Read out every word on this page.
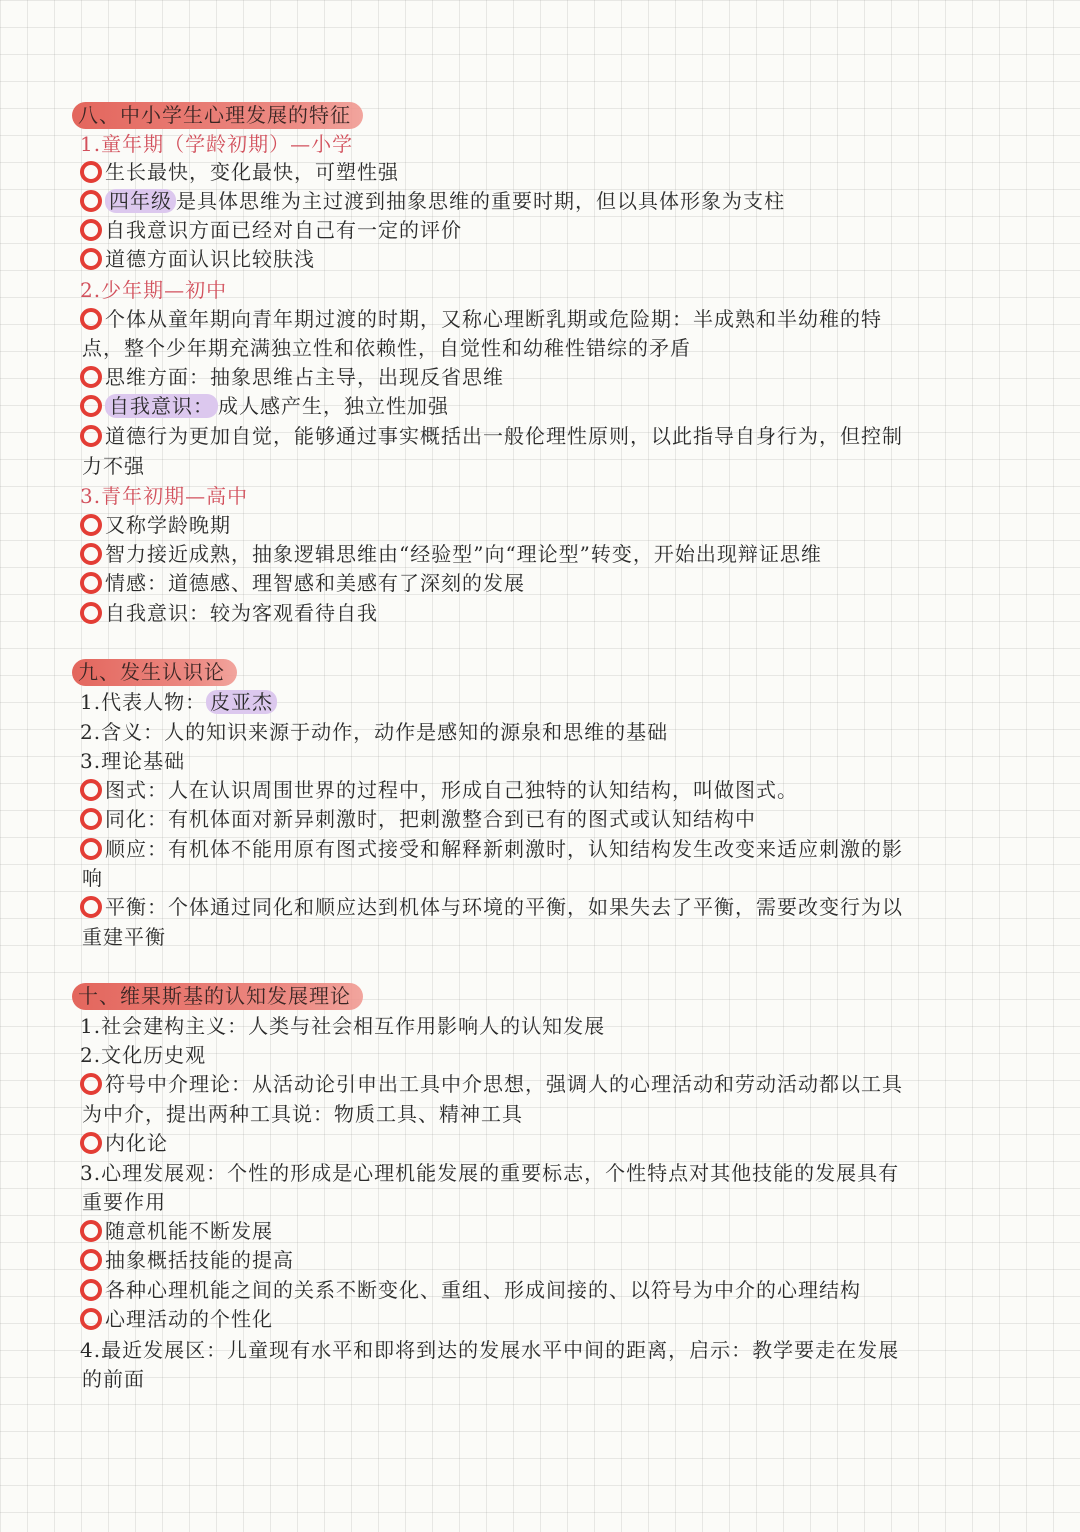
八、中小学生心理发展的特征
1.童年期（学龄初期）—小学
生长最快，变化最快，可塑性强
四年级 是具体思维为主过渡到抽象思维的重要时期，但以具体形象为支柱
自我意识方面已经对自己有一定的评价
道德方面认识比较肤浅
2.少年期—初中
个体从童年期向青年期过渡的时期，又称心理断乳期或危险期：半成熟和半幼稚的特
点，整个少年期充满独立性和依赖性，自觉性和幼稚性错综的矛盾
思维方面：抽象思维占主导，出现反省思维
自我意识： 成人感产生，独立性加强
道德行为更加自觉，能够通过事实概括出一般伦理性原则，以此指导自身行为，但控制
力不强
3.青年初期—高中
又称学龄晚期
智力接近成熟，抽象逻辑思维由“经验型”向“理论型”转变，开始出现辩证思维
情感：道德感、理智感和美感有了深刻的发展
自我意识：较为客观看待自我
九、发生认识论
1.代表人物： 皮亚杰
2.含义：人的知识来源于动作，动作是感知的源泉和思维的基础
3.理论基础
图式：人在认识周围世界的过程中，形成自己独特的认知结构，叫做图式。
同化：有机体面对新异刺激时，把刺激整合到已有的图式或认知结构中
顺应：有机体不能用原有图式接受和解释新刺激时，认知结构发生改变来适应刺激的影
响
平衡：个体通过同化和顺应达到机体与环境的平衡，如果失去了平衡，需要改变行为以
重建平衡
十、维果斯基的认知发展理论
1.社会建构主义：人类与社会相互作用影响人的认知发展
2.文化历史观
符号中介理论：从活动论引申出工具中介思想，强调人的心理活动和劳动活动都以工具
为中介，提出两种工具说：物质工具、精神工具
内化论
3.心理发展观：个性的形成是心理机能发展的重要标志，个性特点对其他技能的发展具有
重要作用
随意机能不断发展
抽象概括技能的提高
各种心理机能之间的关系不断变化、重组、形成间接的、以符号为中介的心理结构
心理活动的个性化
4.最近发展区：儿童现有水平和即将到达的发展水平中间的距离，启示：教学要走在发展
的前面
